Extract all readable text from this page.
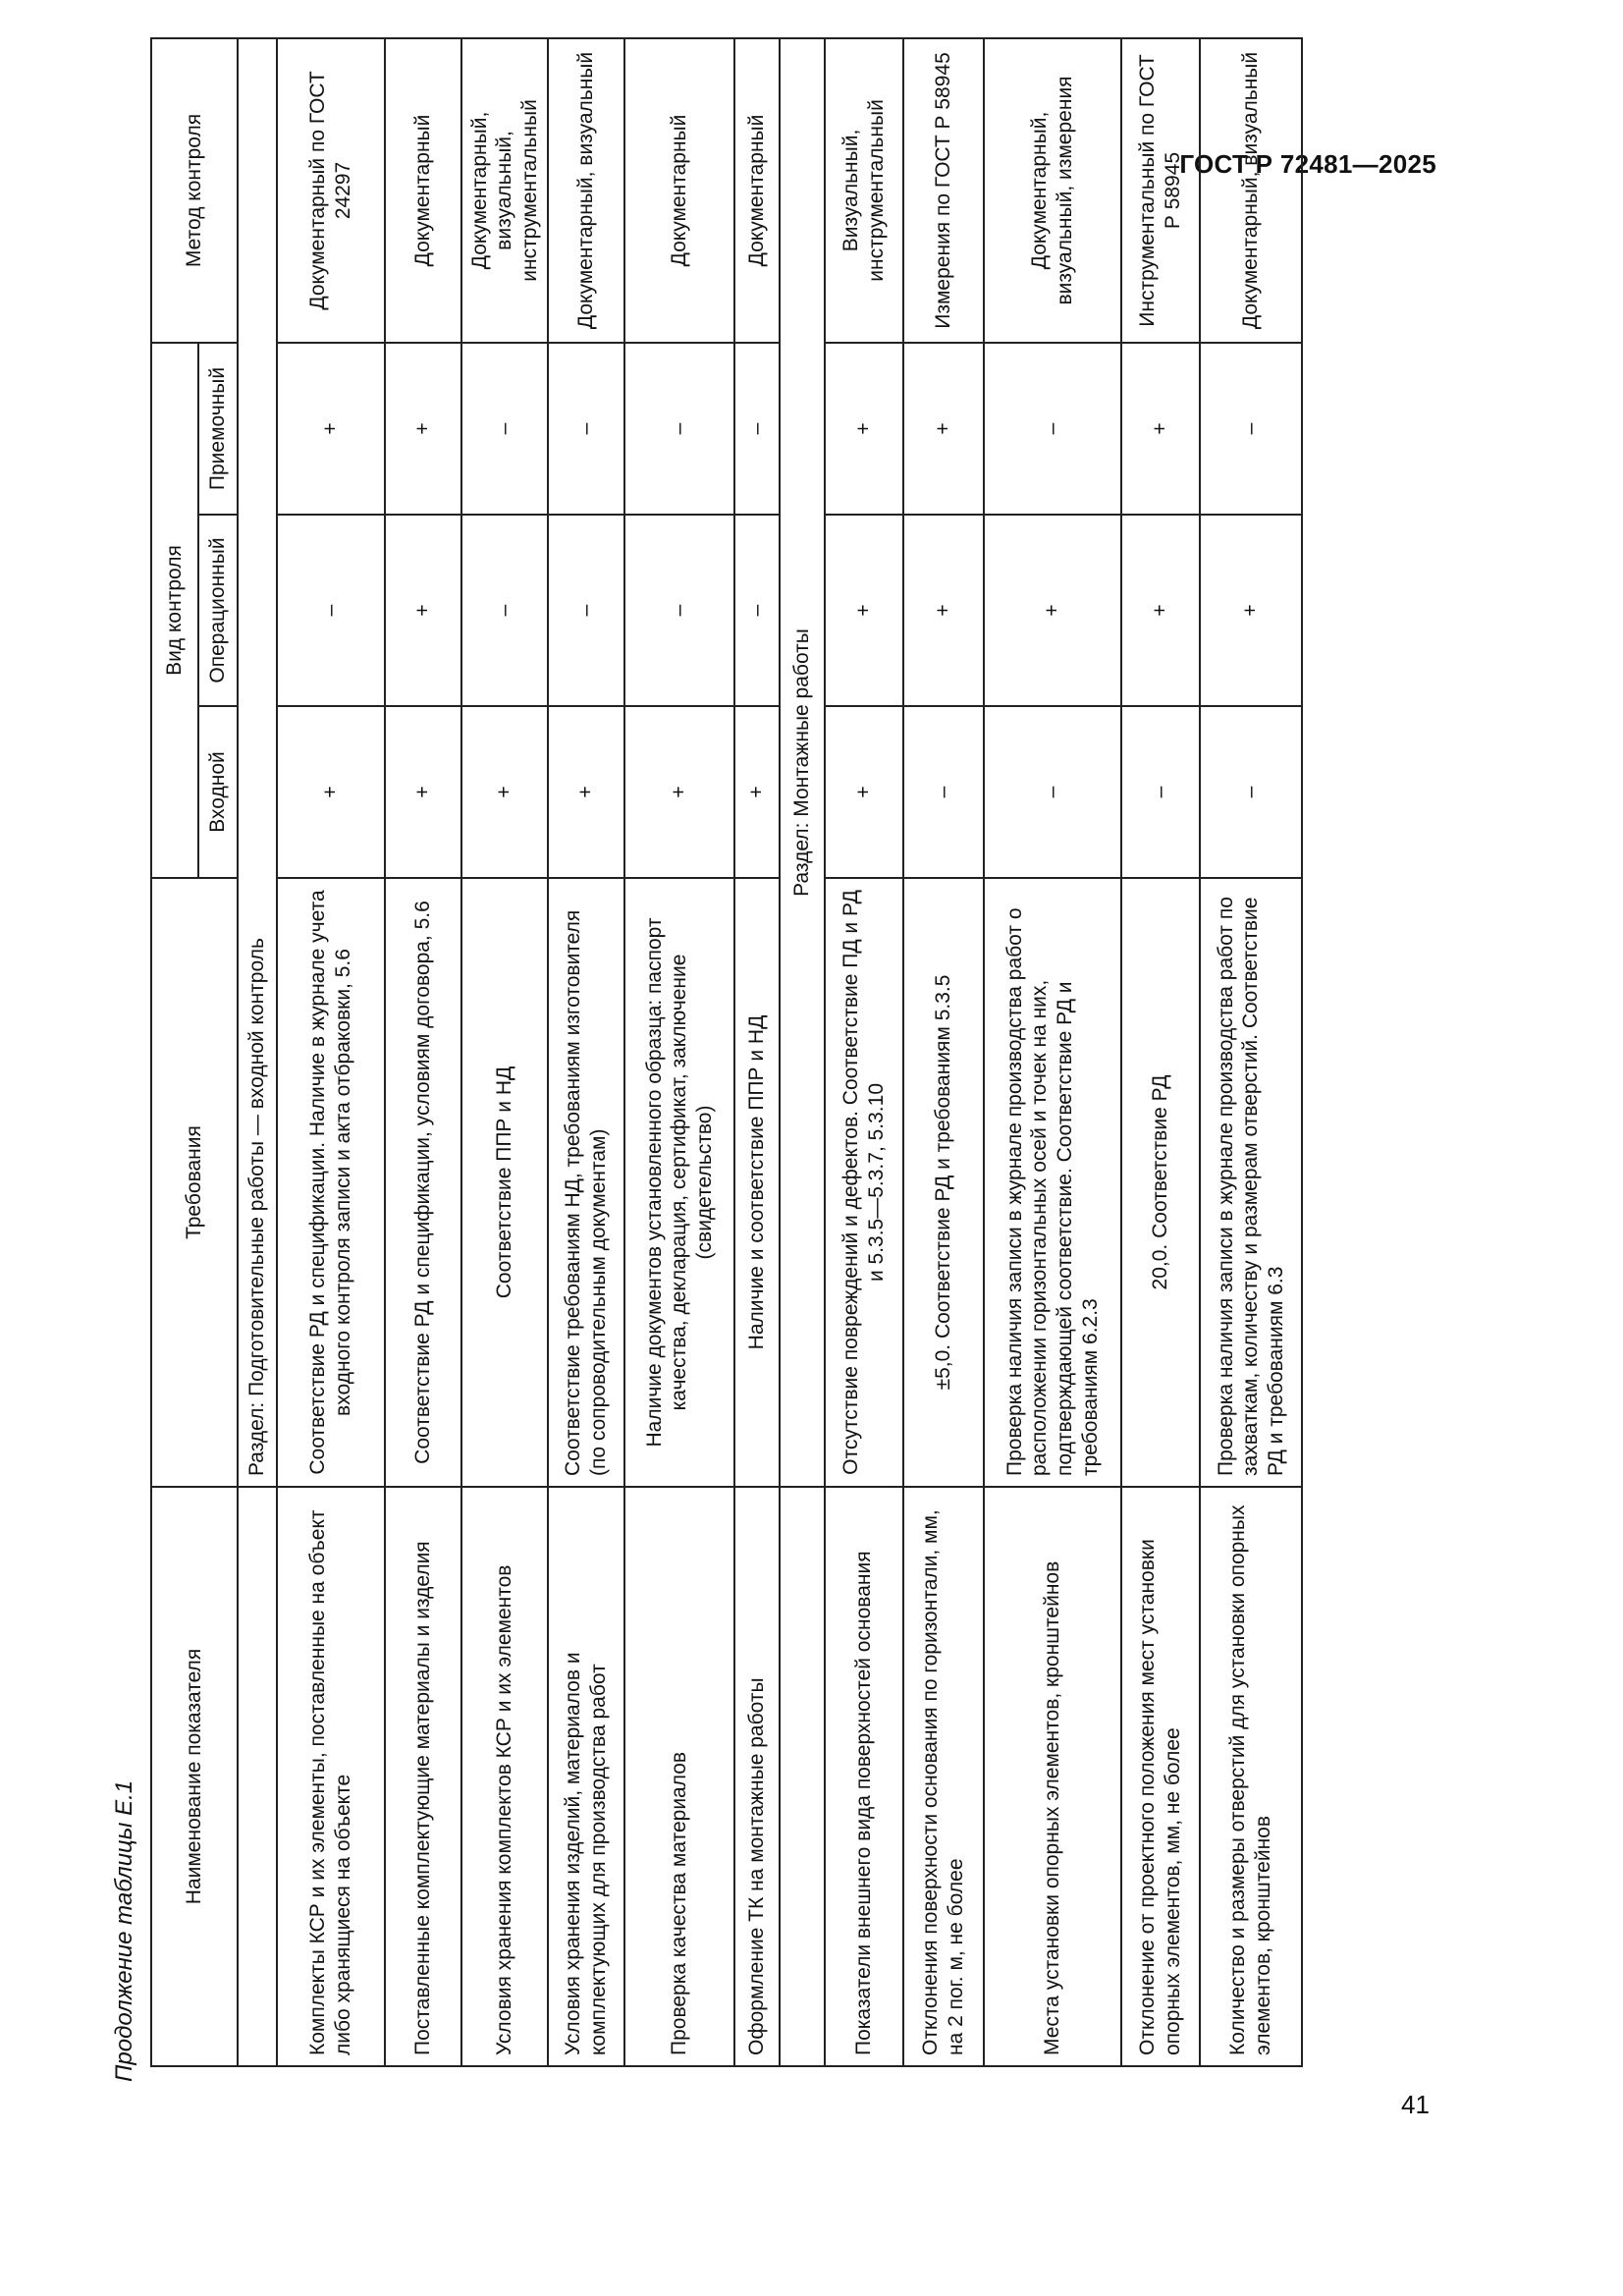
ГОСТ Р 72481—2025
Продолжение таблицы Е.1
41
Наименование показателя	Требования	Вид контроля			Метод контроля
		Входной	Операционный	Приемочный	
	Раздел: Подготовительные работы — входной контроль				
Комплекты КСР и их элементы, поставленные на объект либо хранящиеся на объекте	Соответствие РД и спецификации. Наличие в журнале учета входного контроля записи и акта отбраковки, 5.6	+	–	+	Документарный по ГОСТ 24297
Поставленные комплектующие материалы и изделия	Соответствие РД и спецификации, условиям договора, 5.6	+	+	+	Документарный
Условия хранения комплектов КСР и их элементов	Соответствие ППР и НД	+	–	–	Документарный, визуальный, инструментальный
Условия хранения изделий, материалов и комплектующих для производства работ	Соответствие требованиям НД, требованиям изготовителя (по сопроводительным документам)	+	–	–	Документарный, визуальный
Проверка качества материалов	Наличие документов установленного образца: паспорт качества, декларация, сертификат, заключение (свидетельство)	+	–	–	Документарный
Оформление ТК на монтажные работы	Наличие и соответствие ППР и НД	+	–	–	Документарный
	Раздел: Монтажные работы				
Показатели внешнего вида поверхностей основания	Отсутствие повреждений и дефектов. Соответствие ПД и РД и 5.3.5—5.3.7, 5.3.10	+	+	+	Визуальный, инструментальный
Отклонения поверхности основания по горизонтали, мм, на 2 пог. м, не более	±5,0. Соответствие РД и требованиям 5.3.5	–	+	+	Измерения по ГОСТ Р 58945
Места установки опорных элементов, кронштейнов	Проверка наличия записи в журнале производства работ о расположении горизонтальных осей и точек на них, подтверждающей соответствие. Соответствие РД и требованиям 6.2.3	–	+	–	Документарный, визуальный, измерения
Отклонение от проектного положения мест установки опорных элементов, мм, не более	20,0. Соответствие РД	–	+	+	Инструментальный по ГОСТ Р 58945
Количество и размеры отверстий для установки опорных элементов, кронштейнов	Проверка наличия записи в журнале производства работ по захваткам, количеству и размерам отверстий. Соответствие РД и требованиям 6.3	–	+	–	Документарный, визуальный
